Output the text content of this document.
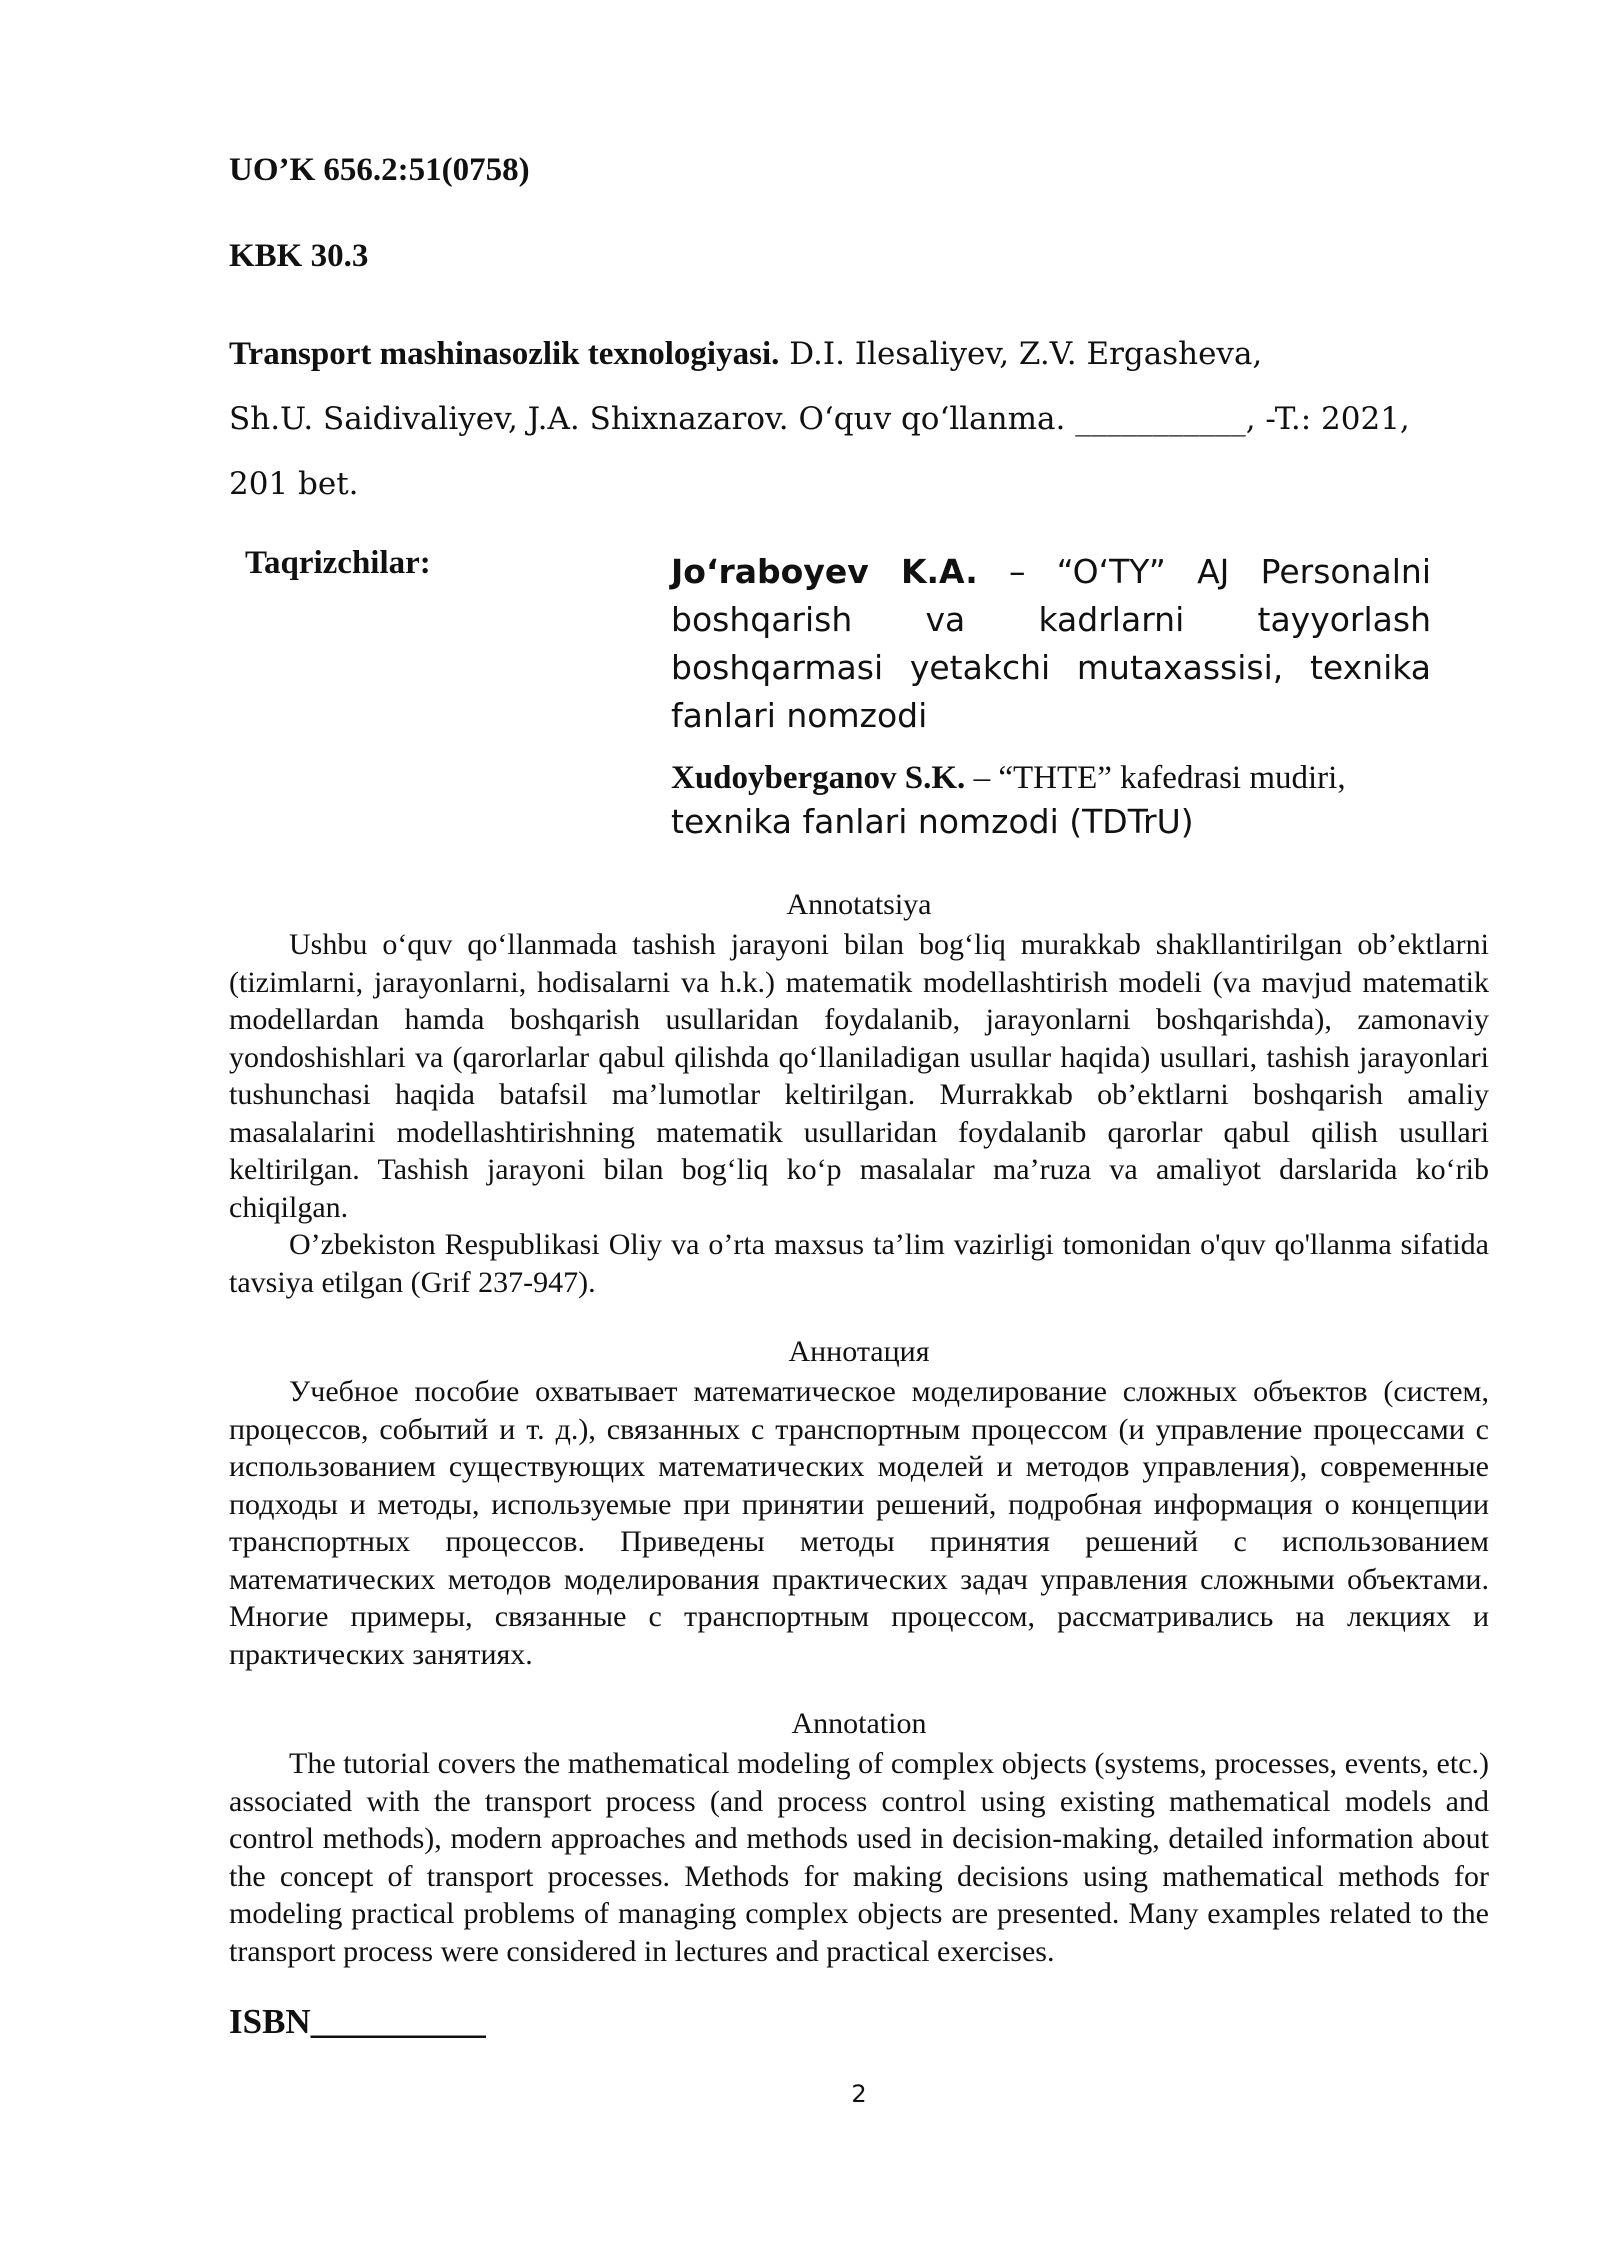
UO’K 656.2:51(0758)
KBK 30.3
Transport mashinasozlik texnologiyasi. D.I. Ilesaliyev, Z.V. Ergasheva,
Sh.U. Saidivaliyev, J.A. Shixnazarov. O‘quv qo‘llanma. ___________, -T.: 2021,
201 bet.
Taqrizchilar:	Jo‘raboyev K.A. – “O‘TY” AJ Personalni boshqarish va kadrlarni tayyorlash boshqarmasi yetakchi mutaxassisi, texnika fanlari nomzodi
Xudoyberganov S.K. – “THTE” kafedrasi mudiri,
texnika fanlari nomzodi (TDTrU)
Annotatsiya

Ushbu o‘quv qo‘llanmada tashish jarayoni bilan bog‘liq murakkab shakllantirilgan ob’ektlarni (tizimlarni, jarayonlarni, hodisalarni va h.k.) matematik modellashtirish modeli (va mavjud matematik modellardan hamda boshqarish usullaridan foydalanib, jarayonlarni boshqarishda), zamonaviy yondoshishlari va (qarorlarlar qabul qilishda qo‘llaniladigan usullar haqida) usullari, tashish jarayonlari tushunchasi haqida batafsil ma’lumotlar keltirilgan. Murrakkab ob’ektlarni boshqarish amaliy masalalarini modellashtirishning matematik usullaridan foydalanib qarorlar qabul qilish usullari keltirilgan. Tashish jarayoni bilan bog‘liq ko‘p masalalar ma’ruza va amaliyot darslarida ko‘rib chiqilgan.

O’zbekiston Respublikasi Oliy va o’rta maxsus ta’lim vazirligi tomonidan o'quv qo'llanma sifatida tavsiya etilgan (Grif 237-947).

Аннотация

Учебное пособие охватывает математическое моделирование сложных объектов (систем, процессов, событий и т. д.), связанных с транспортным процессом (и управление процессами с использованием существующих математических моделей и методов управления), современные подходы и методы, используемые при принятии решений, подробная информация о концепции транспортных процессов. Приведены методы принятия решений с использованием математических методов моделирования практических задач управления сложными объектами. Многие примеры, связанные с транспортным процессом, рассматривались на лекциях и практических занятиях.

Annotation

The tutorial covers the mathematical modeling of complex objects (systems, processes, events, etc.) associated with the transport process (and process control using existing mathematical models and control methods), modern approaches and methods used in decision-making, detailed information about the concept of transport processes. Methods for making decisions using mathematical methods for modeling practical problems of managing complex objects are presented. Many examples related to the transport process were considered in lectures and practical exercises.

ISBN__________
2
